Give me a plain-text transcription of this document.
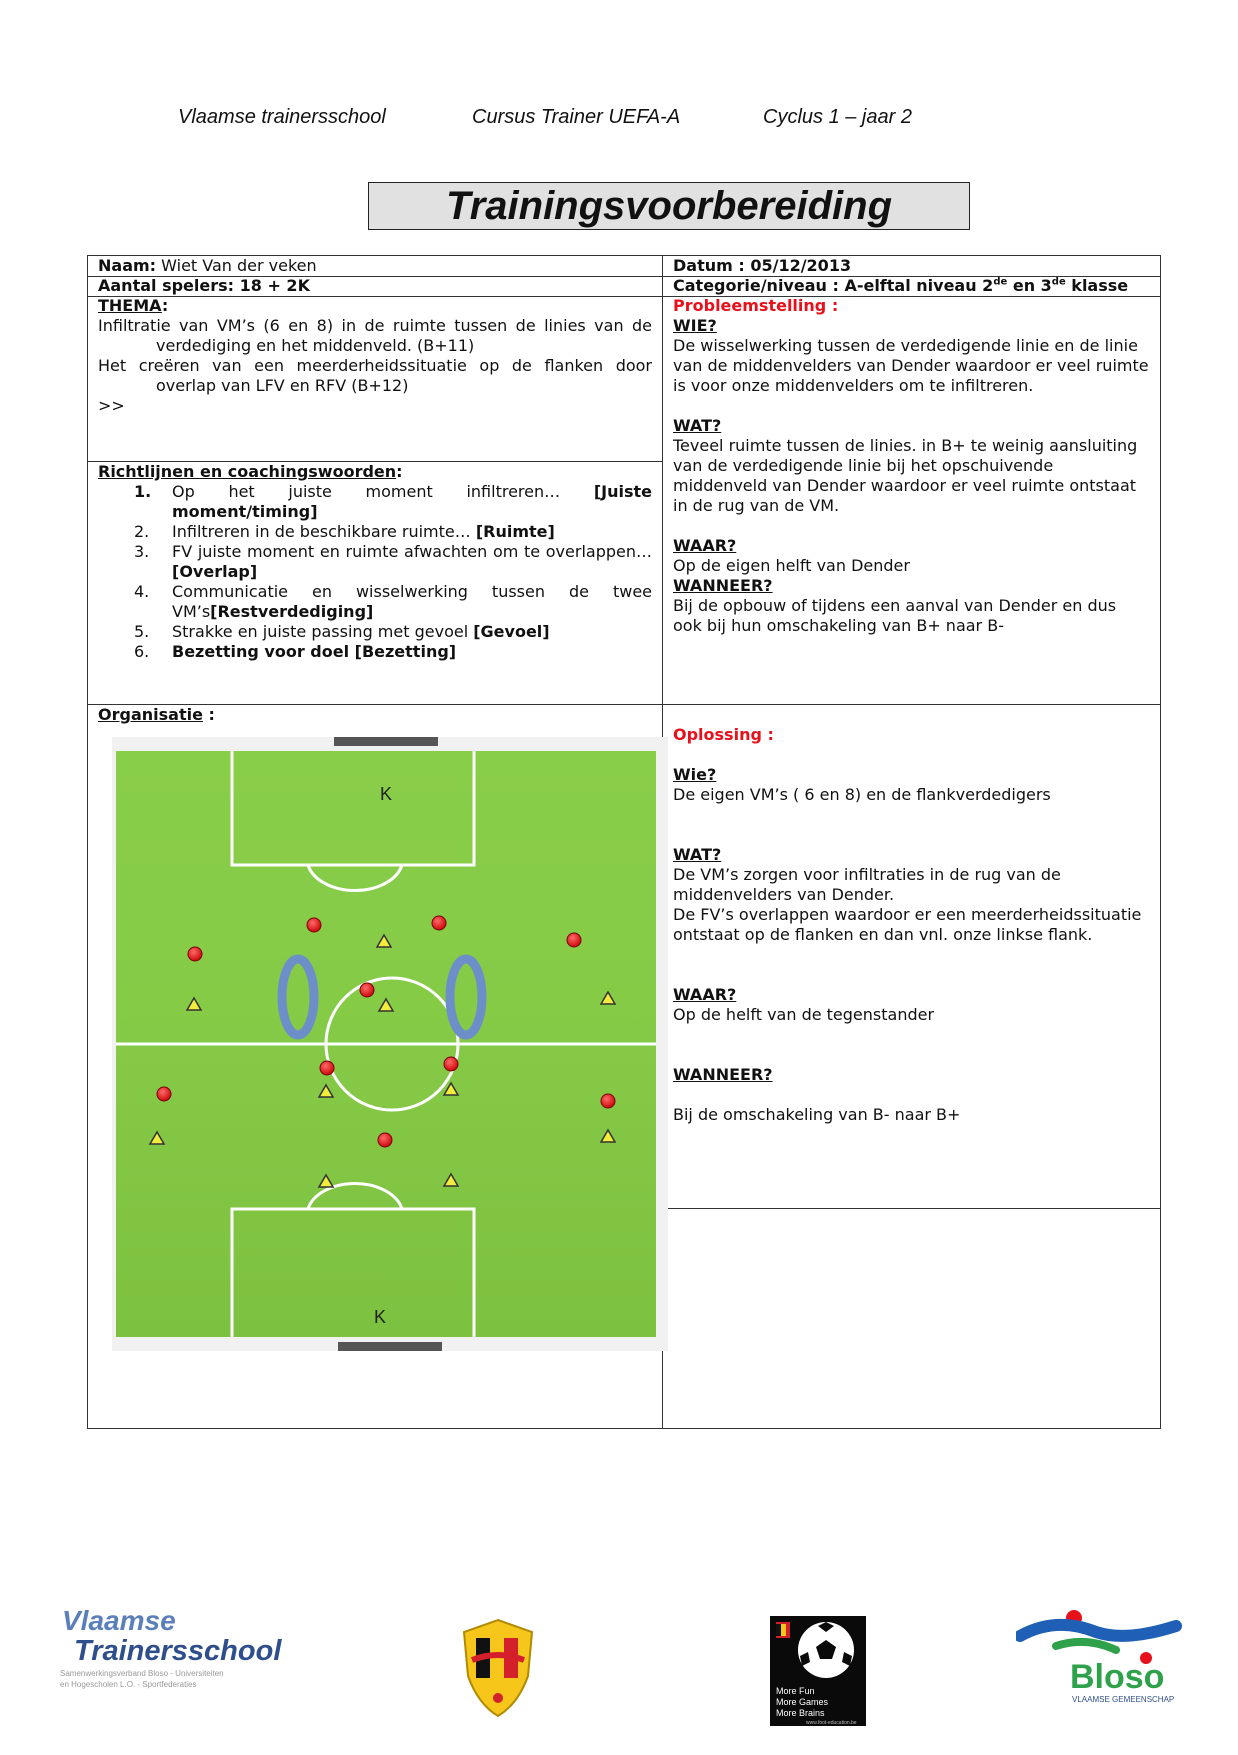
Vlaamse trainersschool	Cursus Trainer UEFA-A	Cyclus 1 – jaar 2
Trainingsvoorbereiding
Naam: Wiet Van der veken	Datum : 05/12/2013
Aantal spelers: 18 + 2K	Categorie/niveau : A-elftal niveau 2de en 3de klasse

THEMA:

Infiltratie van VM’s (6 en 8) in de ruimte tussen de linies van de verdediging en het middenveld. (B+11)

Het creëren van een meerderheidssituatie op de flanken door overlap van LFV en RFV (B+12)

>>

Richtlijnen en coachingswoorden:

1. Op het juiste moment infiltreren… [Juiste moment/timing]
2. Infiltreren in de beschikbare ruimte… [Ruimte]
3. FV juiste moment en ruimte afwachten om te overlappen… [Overlap]
4. Communicatie en wisselwerking tussen de twee VM’s[Restverdediging]
5. Strakke en juiste passing met gevoel [Gevoel]
6. Bezetting voor doel [Bezetting]

Probleemstelling :

WIE?

De wisselwerking tussen de verdedigende linie en de linie van de middenvelders van Dender waardoor er veel ruimte is voor onze middenvelders om te infiltreren.

WAT?

Teveel ruimte tussen de linies. in B+ te weinig aansluiting van de verdedigende linie bij het opschuivende middenveld van Dender waardoor er veel ruimte ontstaat in de rug van de VM.

WAAR?

Op de eigen helft van Dender

WANNEER?

Bij de opbouw of tijdens een aanval van Dender en dus ook bij hun omschakeling van B+ naar B-

Organisatie :

Oplossing :

Wie?

De eigen VM’s ( 6 en 8) en de flankverdedigers

WAT?

De VM’s zorgen voor infiltraties in de rug van de middenvelders van Dender.

De FV’s overlappen waardoor er een meerderheidssituatie ontstaat op de flanken en dan vnl. onze linkse flank.

WAAR?

Op de helft van de tegenstander

WANNEER?

Bij de omschakeling van B- naar B+

K
K
Vlaamse
Trainersschool
Samenwerkingsverband Bloso - Universiteiten
en Hogescholen L.O. - Sportfederaties
More Fun
More Games
More Brains
www.foot-education.be
Bloso
VLAAMSE GEMEENSCHAP
